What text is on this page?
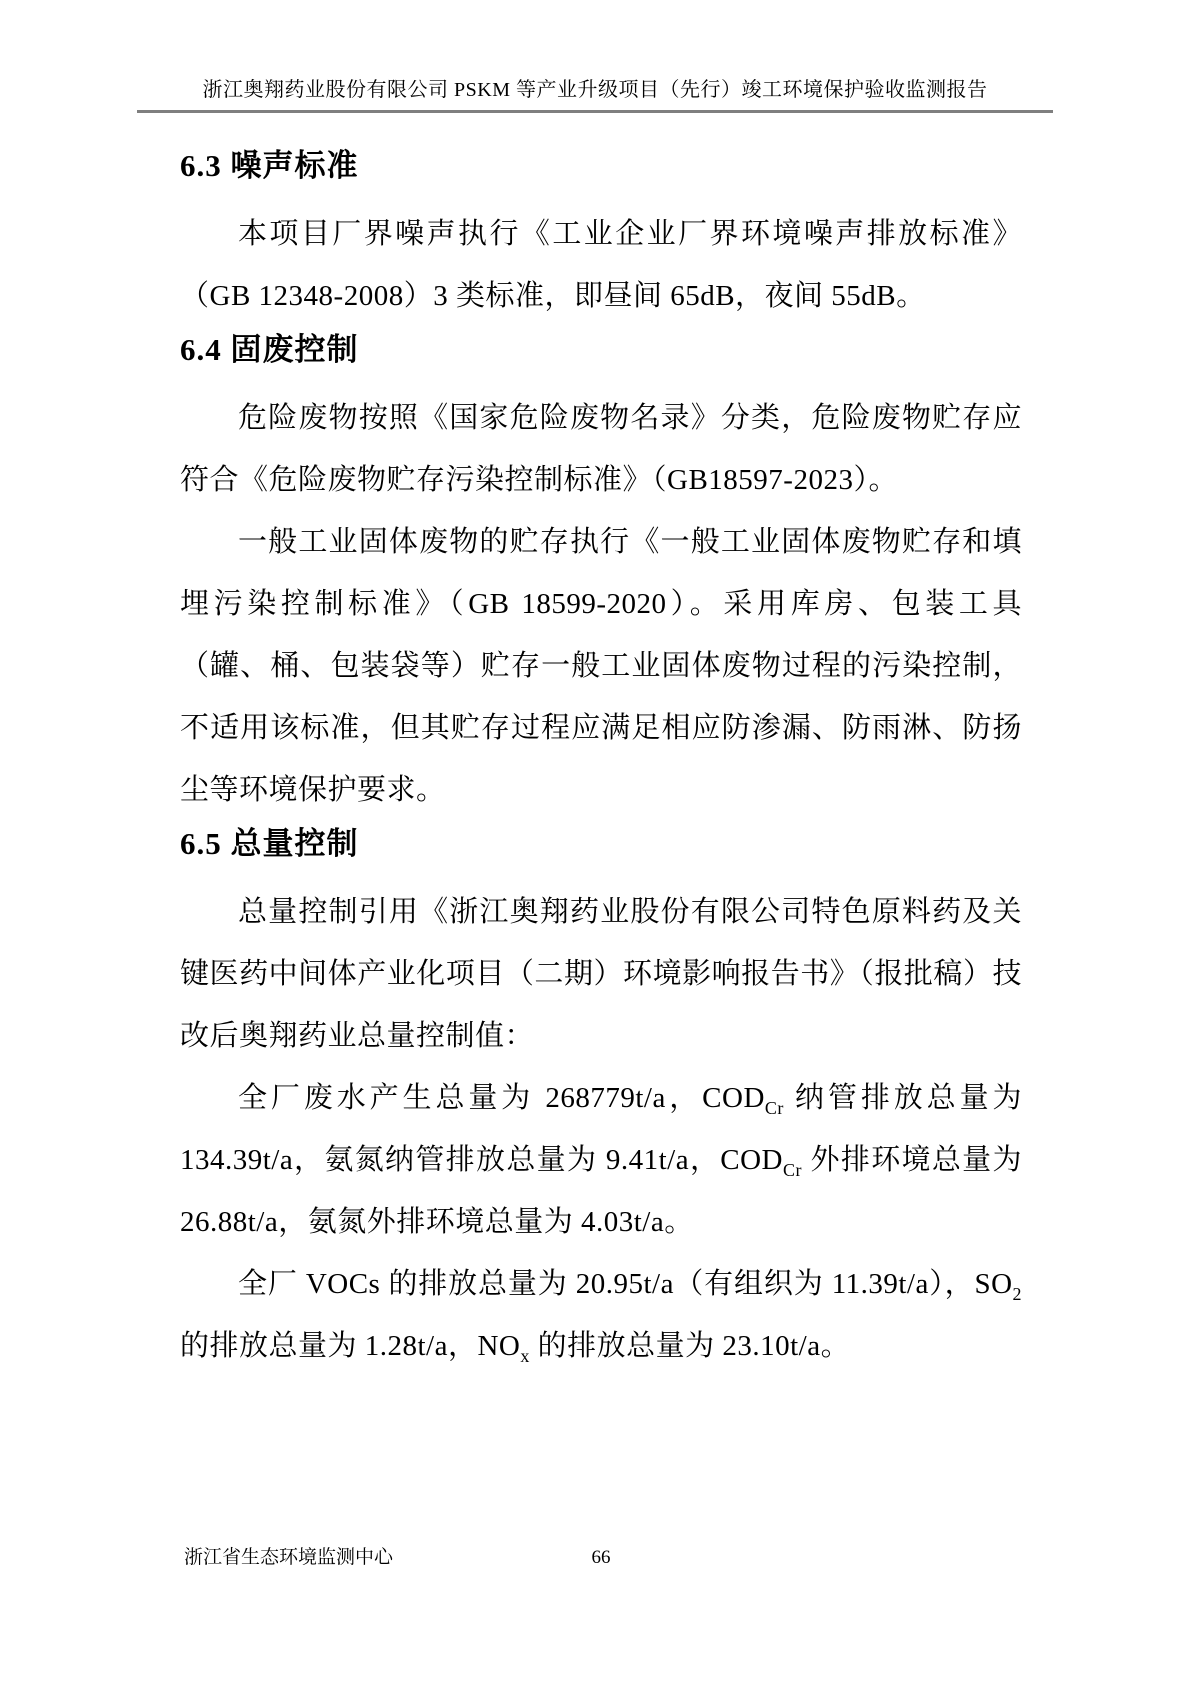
浙江奥翔药业股份有限公司 PSKM 等产业升级项目（先行）竣工环境保护验收监测报告
6.3 噪声标准

本项目厂界噪声执行《工业企业厂界环境噪声排放标准》（GB 12348-2008）3 类标准，即昼间 65dB，夜间 55dB。

6.4 固废控制

危险废物按照《国家危险废物名录》分类，危险废物贮存应符合《危险废物贮存污染控制标准》（GB18597-2023）。

一般工业固体废物的贮存执行《一般工业固体废物贮存和填埋污染控制标准》（GB 18599-2020）。采用库房、包装工具（罐、桶、包装袋等）贮存一般工业固体废物过程的污染控制，不适用该标准，但其贮存过程应满足相应防渗漏、防雨淋、防扬尘等环境保护要求。

6.5 总量控制

总量控制引用《浙江奥翔药业股份有限公司特色原料药及关键医药中间体产业化项目（二期）环境影响报告书》（报批稿）技改后奥翔药业总量控制值：

全厂废水产生总量为 268779t/a，$COD_{Cr}$ 纳管排放总量为 134.39t/a，氨氮纳管排放总量为 9.41t/a，$COD_{Cr}$ 外排环境总量为 26.88t/a，氨氮外排环境总量为 4.03t/a。

全厂 VOCs 的排放总量为 20.95t/a（有组织为 11.39t/a），$SO_2$ 的排放总量为 1.28t/a，$NO_x$ 的排放总量为 23.10t/a。

浙江省生态环境监测中心	66
